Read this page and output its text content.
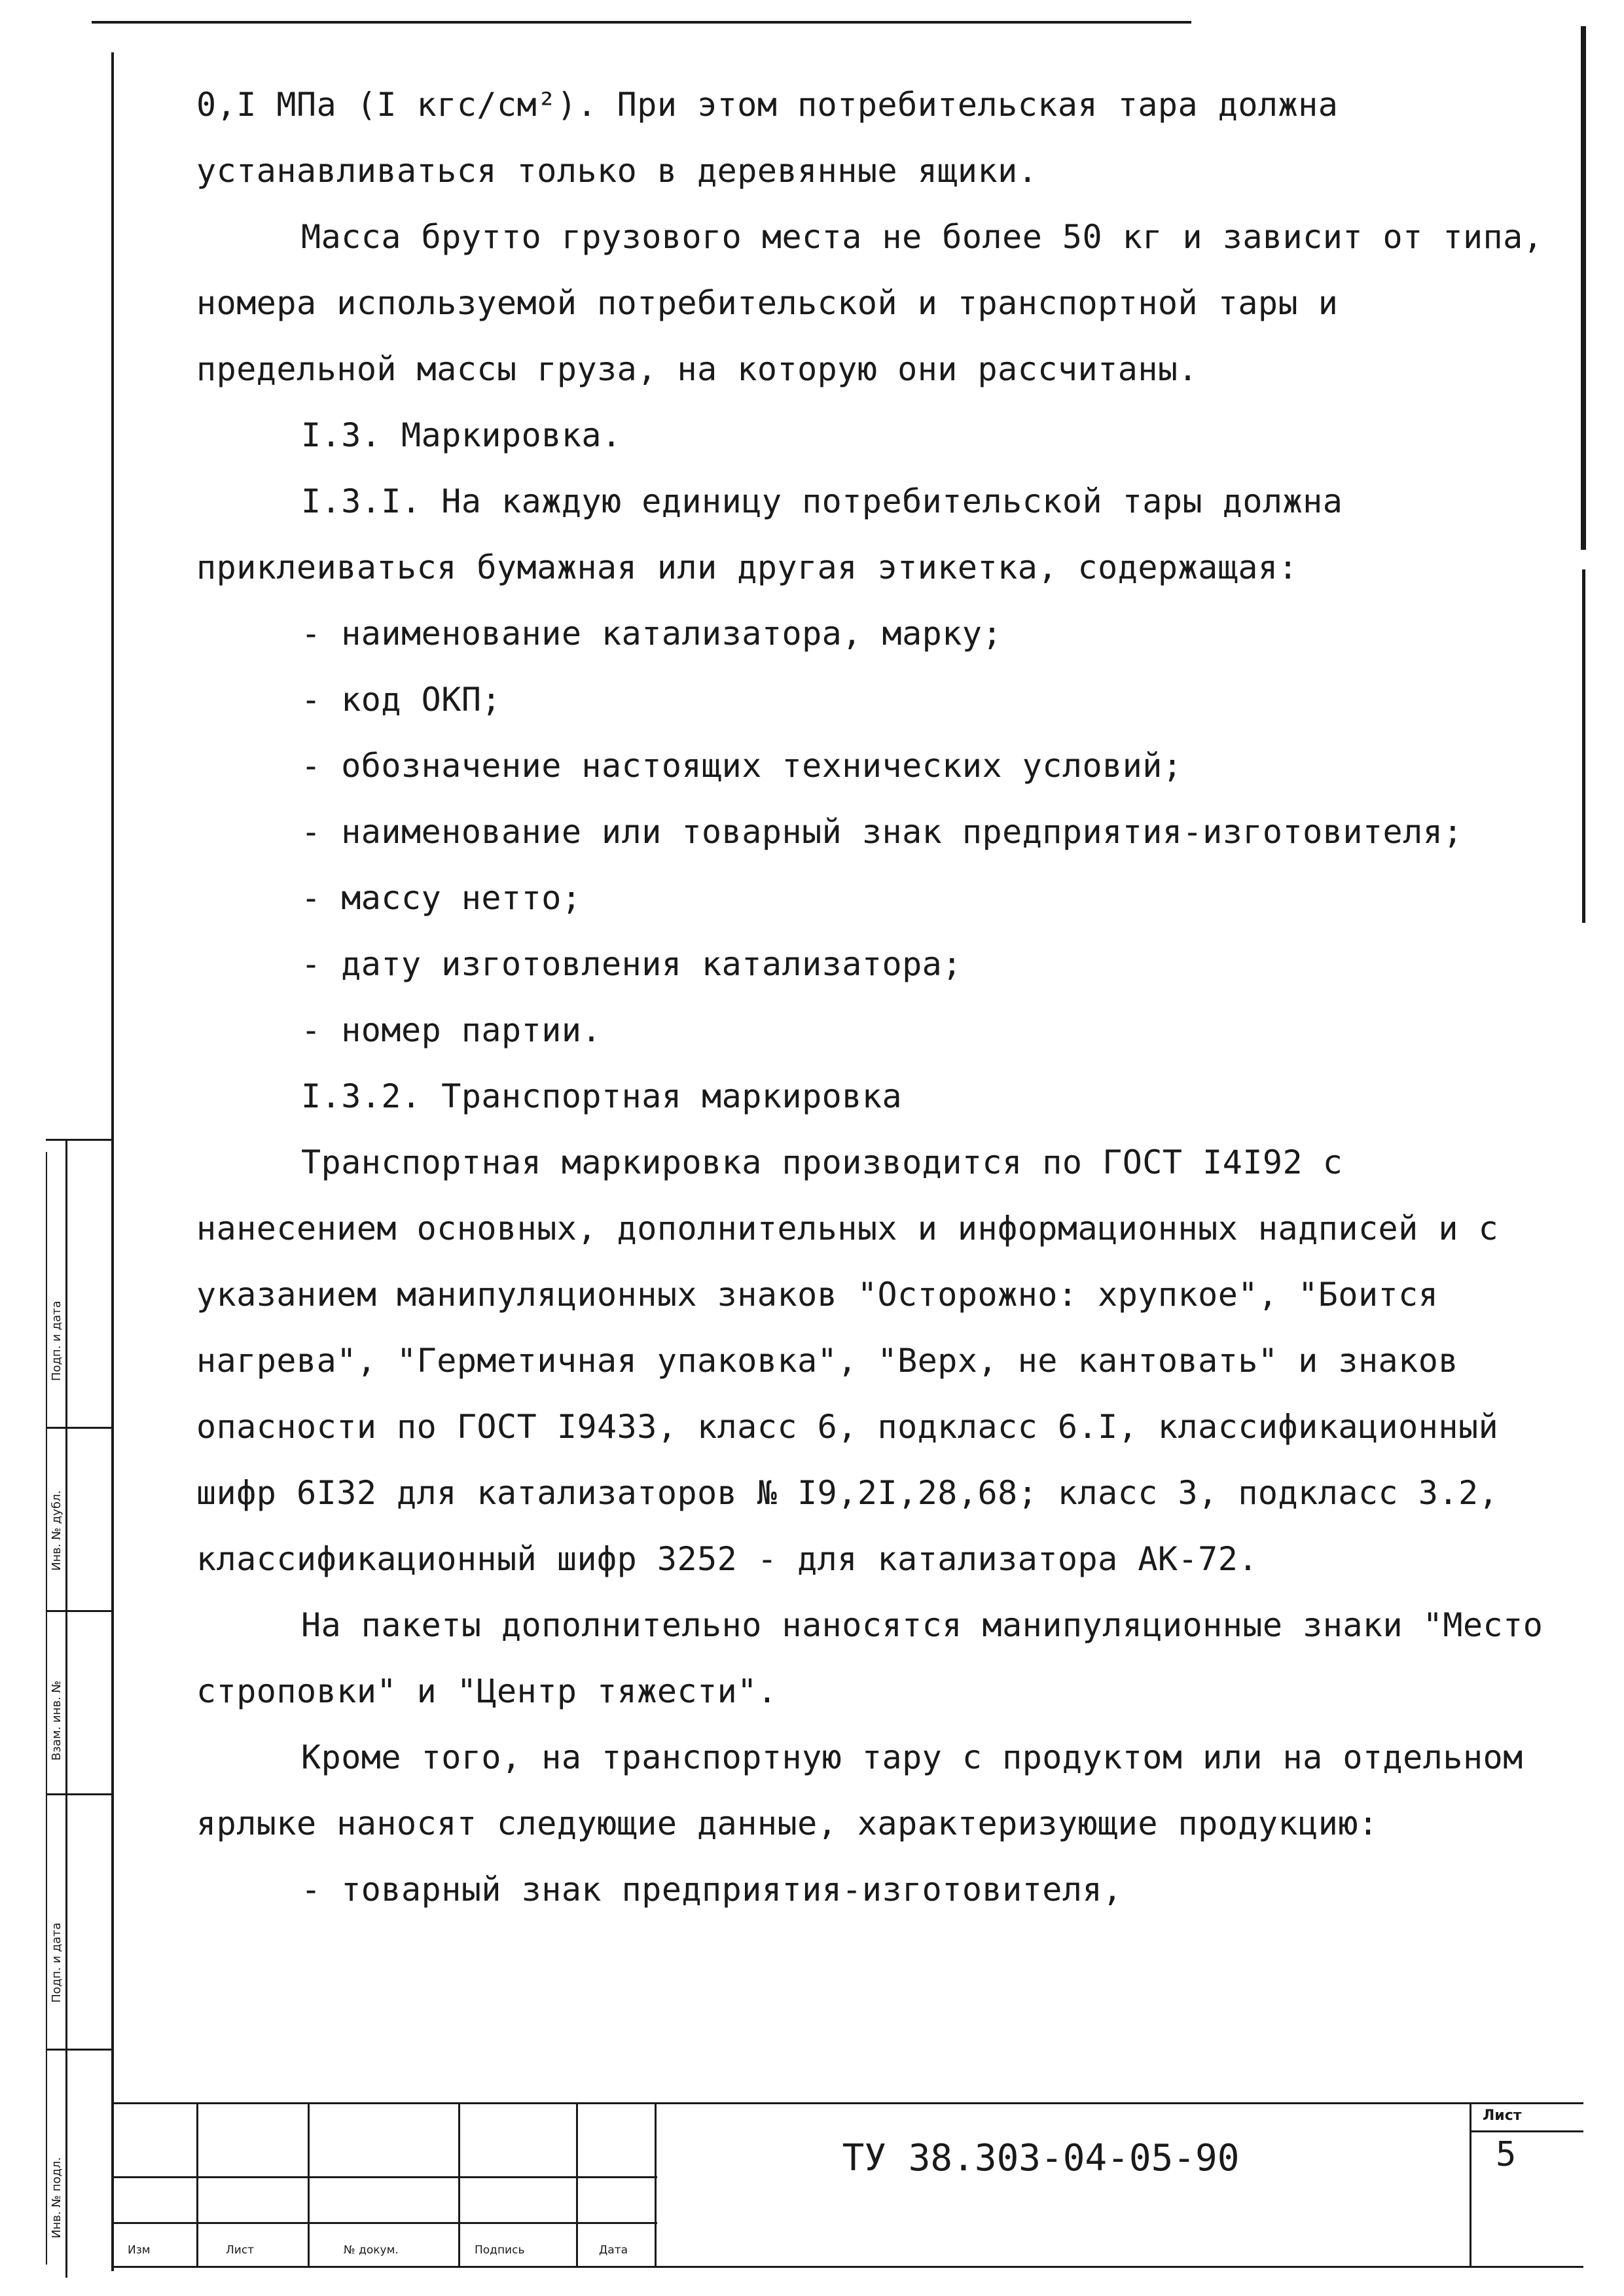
0,I МПа (I кгс/см²). При этом потребительская тара должна устанавливаться только в деревянные ящики.

Масса брутто грузового места не более 50 кг и зависит от типа, номера используемой потребительской и транспортной тары и предельной массы груза, на которую они рассчитаны.

I.3. Маркировка.

I.3.I. На каждую единицу потребительской тары должна приклеиваться бумажная или другая этикетка, содержащая:

- наименование катализатора, марку;

- код ОКП;

- обозначение настоящих технических условий;

- наименование или товарный знак предприятия-изготовителя;

- массу нетто;

- дату изготовления катализатора;

- номер партии.

I.3.2. Транспортная маркировка

Транспортная маркировка производится по ГОСТ I4I92 с нанесением основных, дополнительных и информационных надписей и с указанием манипуляционных знаков "Осторожно: хрупкое", "Боится нагрева", "Герметичная упаковка", "Верх, не кантовать" и знаков опасности по ГОСТ I9433, класс 6, подкласс 6.I, классификационный шифр 6I32 для катализаторов № I9,2I,28,68; класс 3, подкласс 3.2, классификационный шифр 3252 - для катализатора АК-72.

На пакеты дополнительно наносятся манипуляционные знаки "Место строповки" и "Центр тяжести".

Кроме того, на транспортную тару с продуктом или на отдельном ярлыке наносят следующие данные, характеризующие продукцию:

- товарный знак предприятия-изготовителя,

Подп. и дата
Инв. № дубл.
Взам. инв. №
Подп. и дата
Инв. № подл.
Изм	Лист	№ докум.	Подпись	Дата
ТУ 38.303-04-05-90
Лист
5
